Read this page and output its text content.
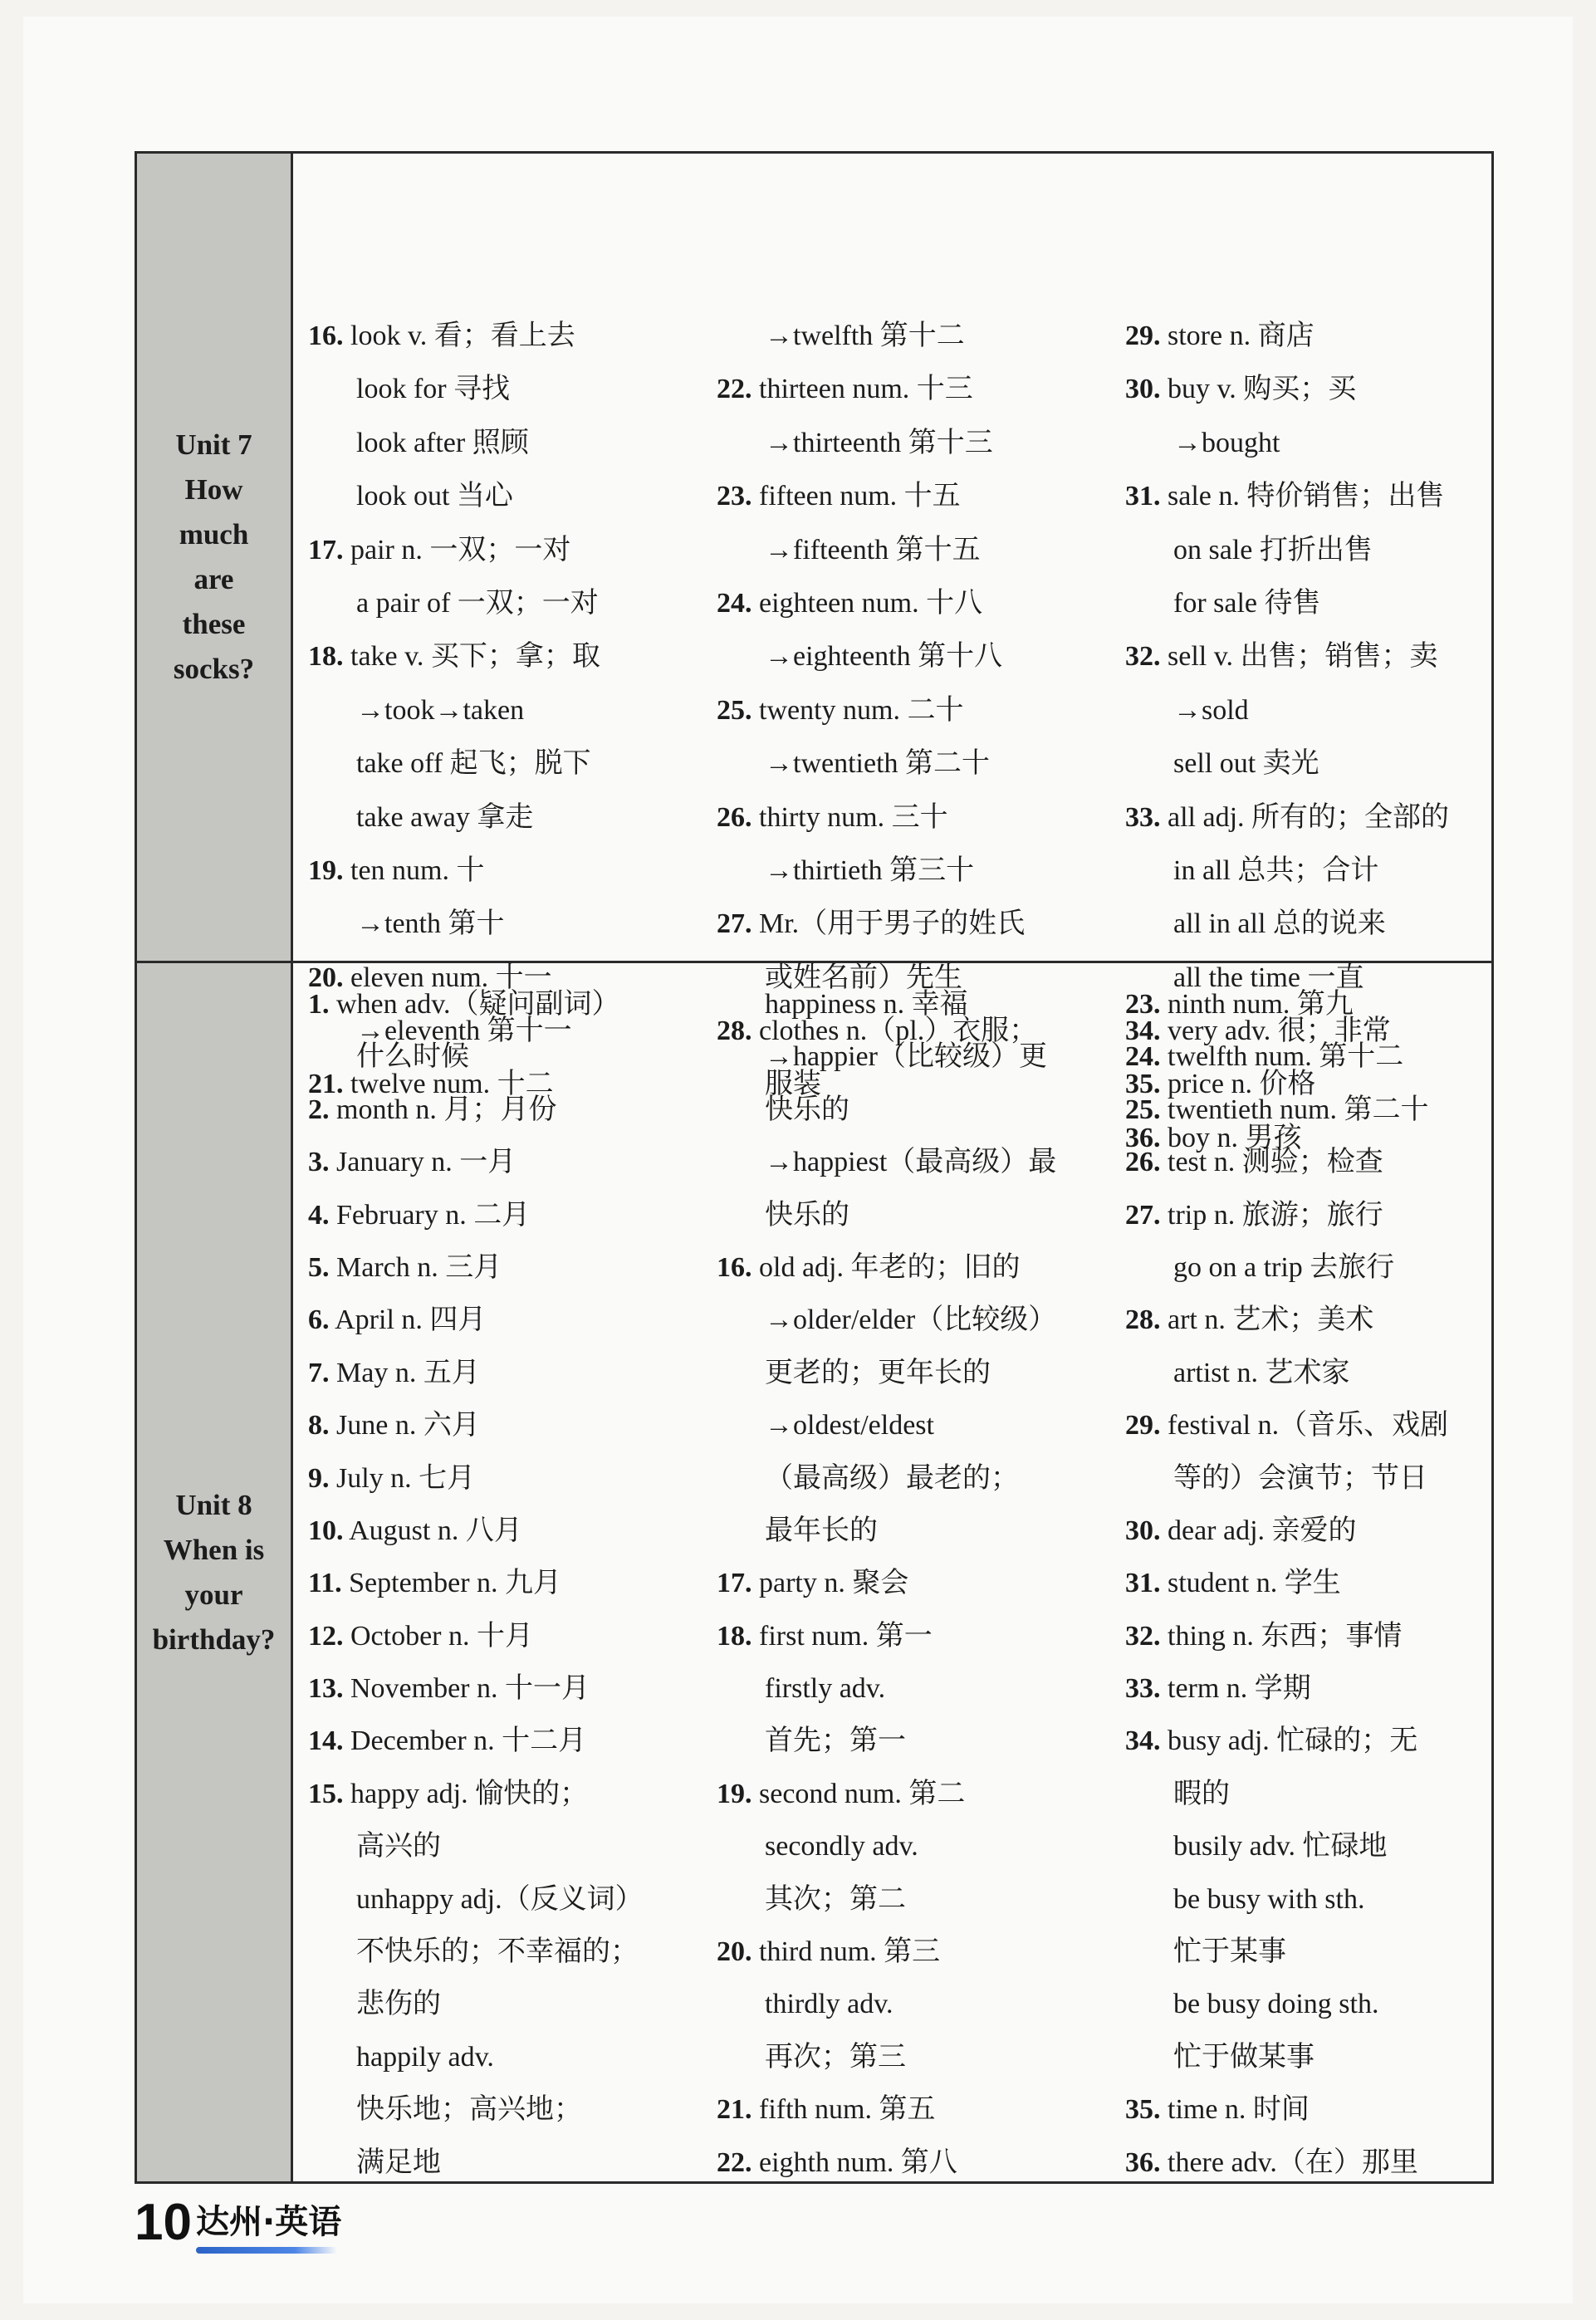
Unit 7
How
much
are
these
socks?
16. look v. 看；看上去
look for 寻找
look after 照顾
look out 当心
17. pair n. 一双；一对
a pair of 一双；一对
18. take v. 买下；拿；取
→took→taken
take off 起飞；脱下
take away 拿走
19. ten num. 十
→tenth 第十
20. eleven num. 十一
→eleventh 第十一
21. twelve num. 十二
→twelfth 第十二
22. thirteen num. 十三
→thirteenth 第十三
23. fifteen num. 十五
→fifteenth 第十五
24. eighteen num. 十八
→eighteenth 第十八
25. twenty num. 二十
→twentieth 第二十
26. thirty num. 三十
→thirtieth 第三十
27. Mr.（用于男子的姓氏
或姓名前）先生
28. clothes n.（pl.）衣服；
服装
29. store n. 商店
30. buy v. 购买；买
→bought
31. sale n. 特价销售；出售
on sale 打折出售
for sale 待售
32. sell v. 出售；销售；卖
→sold
sell out 卖光
33. all adj. 所有的；全部的
in all 总共；合计
all in all 总的说来
all the time 一直
34. very adv. 很；非常
35. price n. 价格
36. boy n. 男孩
Unit 8
When is
your
birthday?
1. when adv.（疑问副词）
什么时候
2. month n. 月；月份
3. January n. 一月
4. February n. 二月
5. March n. 三月
6. April n. 四月
7. May n. 五月
8. June n. 六月
9. July n. 七月
10. August n. 八月
11. September n. 九月
12. October n. 十月
13. November n. 十一月
14. December n. 十二月
15. happy adj. 愉快的；
高兴的
unhappy adj.（反义词）
不快乐的；不幸福的；
悲伤的
happily adv.
快乐地；高兴地；
满足地
happiness n. 幸福
→happier（比较级）更
快乐的
→happiest（最高级）最
快乐的
16. old adj. 年老的；旧的
→older/elder（比较级）
更老的；更年长的
→oldest/eldest
（最高级）最老的；
最年长的
17. party n. 聚会
18. first num. 第一
firstly adv.
首先；第一
19. second num. 第二
secondly adv.
其次；第二
20. third num. 第三
thirdly adv.
再次；第三
21. fifth num. 第五
22. eighth num. 第八
23. ninth num. 第九
24. twelfth num. 第十二
25. twentieth num. 第二十
26. test n. 测验；检查
27. trip n. 旅游；旅行
go on a trip 去旅行
28. art n. 艺术；美术
artist n. 艺术家
29. festival n.（音乐、戏剧
等的）会演节；节日
30. dear adj. 亲爱的
31. student n. 学生
32. thing n. 东西；事情
33. term n. 学期
34. busy adj. 忙碌的；无
暇的
busily adv. 忙碌地
be busy with sth.
忙于某事
be busy doing sth.
忙于做某事
35. time n. 时间
36. there adv.（在）那里
10 达州·英语
